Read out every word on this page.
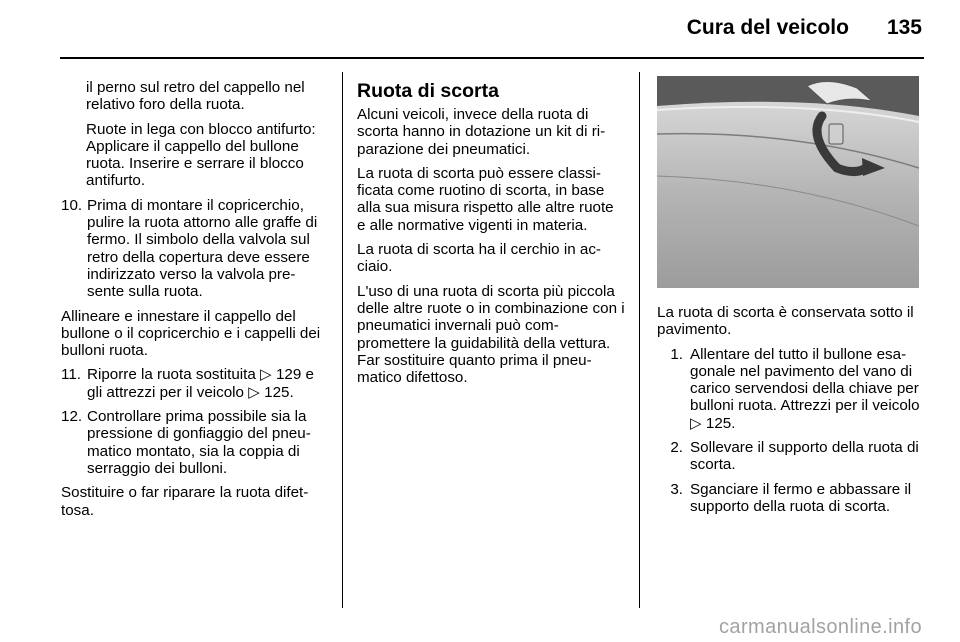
Cura del veicolo 135

il perno sul retro del cappello nel relativo foro della ruota.

Ruote in lega con blocco antifurto: Applicare il cappello del bullone ruota. Inserire e serrare il blocco antifurto.

10. Prima di montare il copricerchio, pulire la ruota attorno alle graffe di fermo. Il simbolo della valvola sul retro della copertura deve essere indirizzato verso la valvola pre- sente sulla ruota.

Allineare e innestare il cappello del bullone o il copricerchio e i cappelli dei bulloni ruota.

11. Riporre la ruota sostituita ▷ 129 e gli attrezzi per il veicolo ▷ 125.
12. Controllare prima possibile sia la pressione di gonfiaggio del pneu- matico montato, sia la coppia di serraggio dei bulloni.

Sostituire o far riparare la ruota difet- tosa.

Ruota di scorta

Alcuni veicoli, invece della ruota di scorta hanno in dotazione un kit di ri- parazione dei pneumatici.

La ruota di scorta può essere classi- ficata come ruotino di scorta, in base alla sua misura rispetto alle altre ruote e alle normative vigenti in materia.

La ruota di scorta ha il cerchio in ac- ciaio.

L'uso di una ruota di scorta più piccola delle altre ruote o in combinazione con i pneumatici invernali può com- promettere la guidabilità della vettura. Far sostituire quanto prima il pneu- matico difettoso.

La ruota di scorta è conservata sotto il pavimento.

1. Allentare del tutto il bullone esa- gonale nel pavimento del vano di carico servendosi della chiave per bulloni ruota. Attrezzi per il veicolo ▷ 125.
2. Sollevare il supporto della ruota di scorta.
3. Sganciare il fermo e abbassare il supporto della ruota di scorta.
carmanualsonline.info
